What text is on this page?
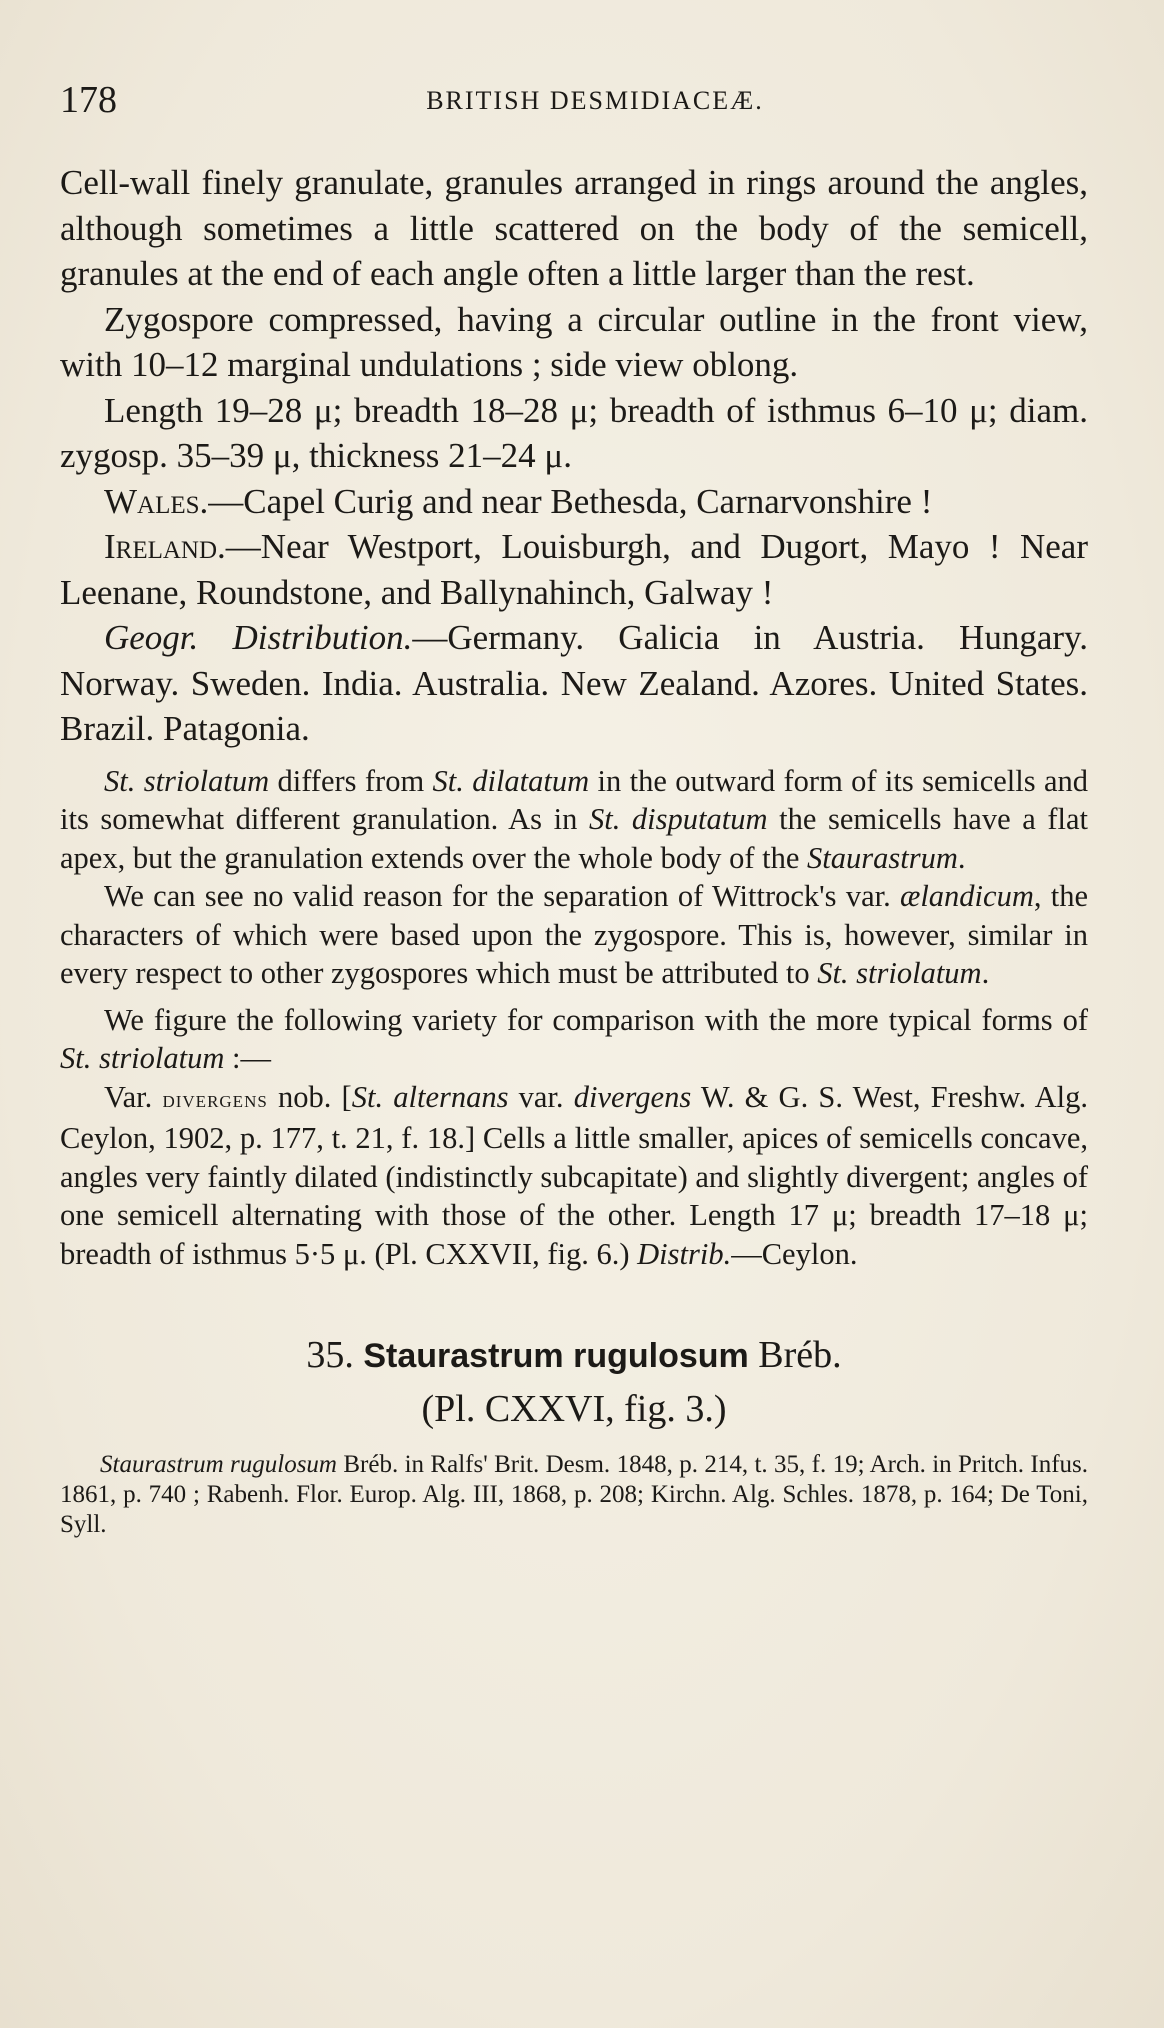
178	BRITISH DESMIDIACEÆ.

Cell-wall finely granulate, granules arranged in rings around the angles, although sometimes a little scattered on the body of the semicell, granules at the end of each angle often a little larger than the rest.

Zygospore compressed, having a circular outline in the front view, with 10–12 marginal undulations ; side view oblong.

Length 19–28 μ; breadth 18–28 μ; breadth of isthmus 6–10 μ; diam. zygosp. 35–39 μ, thickness 21–24 μ.

Wales.—Capel Curig and near Bethesda, Carnarvonshire !

Ireland.—Near Westport, Louisburgh, and Dugort, Mayo ! Near Leenane, Roundstone, and Ballynahinch, Galway !

Geogr. Distribution.—Germany. Galicia in Austria. Hungary. Norway. Sweden. India. Australia. New Zealand. Azores. United States. Brazil. Patagonia.

St. striolatum differs from St. dilatatum in the outward form of its semicells and its somewhat different granulation. As in St. disputatum the semicells have a flat apex, but the granulation extends over the whole body of the Staurastrum.

We can see no valid reason for the separation of Wittrock's var. ælandicum, the characters of which were based upon the zygospore. This is, however, similar in every respect to other zygospores which must be attributed to St. striolatum.

We figure the following variety for comparison with the more typical forms of St. striolatum :—

Var. divergens nob. [St. alternans var. divergens W. & G. S. West, Freshw. Alg. Ceylon, 1902, p. 177, t. 21, f. 18.] Cells a little smaller, apices of semicells concave, angles very faintly dilated (indistinctly subcapitate) and slightly divergent; angles of one semicell alternating with those of the other. Length 17 μ; breadth 17–18 μ; breadth of isthmus 5·5 μ. (Pl. CXXVII, fig. 6.) Distrib.—Ceylon.

35. Staurastrum rugulosum Bréb.
(Pl. CXXVI, fig. 3.)

Staurastrum rugulosum Bréb. in Ralfs' Brit. Desm. 1848, p. 214, t. 35, f. 19; Arch. in Pritch. Infus. 1861, p. 740 ; Rabenh. Flor. Europ. Alg. III, 1868, p. 208; Kirchn. Alg. Schles. 1878, p. 164; De Toni, Syll.
